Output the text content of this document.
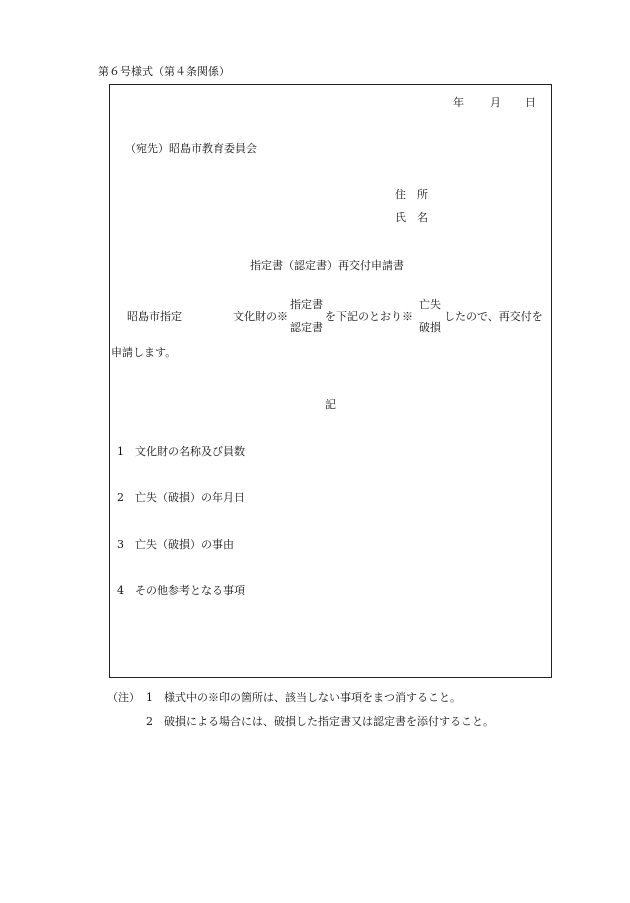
第６号様式（第４条関係）
年 月 日
（宛先）昭島市教育委員会
住　所
氏　名
指定書（認定書）再交付申請書
昭島市指定	文化財の※
指定書
認定書
を下記のとおり※
亡失
破損
したので、再交付を
申請します。
記
1　文化財の名称及び員数
2　亡失（破損）の年月日
3　亡失（破損）の事由
4　その他参考となる事項
（注） 1　様式中の※印の箇所は、該当しない事項をまつ消すること。
2　破損による場合には、破損した指定書又は認定書を添付すること。
